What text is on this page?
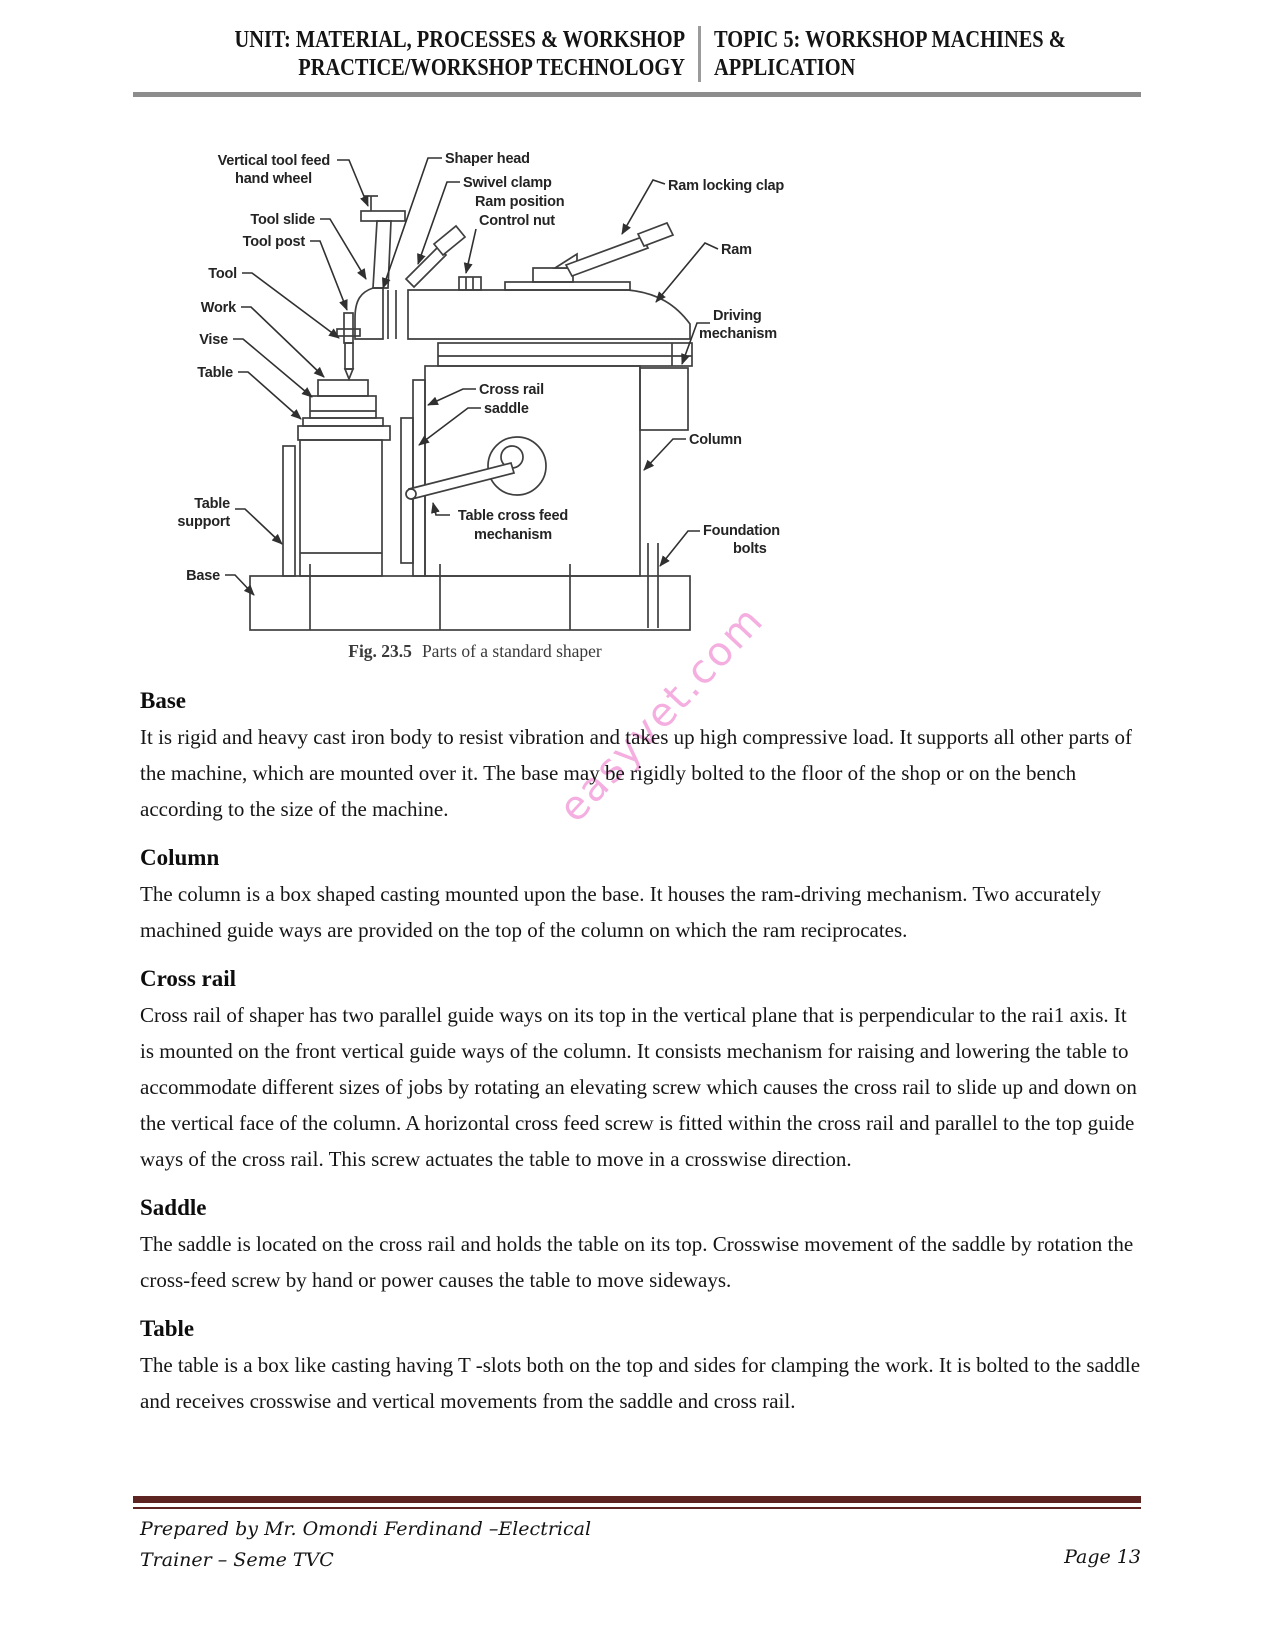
UNIT: MATERIAL, PROCESSES & WORKSHOP
PRACTICE/WORKSHOP TECHNOLOGY
TOPIC 5: WORKSHOP MACHINES &
APPLICATION
Vertical tool feed
hand wheel
Tool slide
Tool post
Tool
Work
Vise
Table
Table
support
Base
Shaper head
Swivel clamp
Ram position
Control nut
Ram locking clap
Ram
Driving
mechanism
Cross rail
saddle
Column
Table cross feed
mechanism	Foundation
bolts
Fig. 23.5 Parts of a standard shaper
easyvet.com
Base

It is rigid and heavy cast iron body to resist vibration and takes up high compressive load. It supports all other parts of the machine, which are mounted over it. The base may be rigidly bolted to the floor of the shop or on the bench according to the size of the machine.

Column

The column is a box shaped casting mounted upon the base. It houses the ram-driving mechanism. Two accurately machined guide ways are provided on the top of the column on which the ram reciprocates.

Cross rail

Cross rail of shaper has two parallel guide ways on its top in the vertical plane that is perpendicular to the rai1 axis. It is mounted on the front vertical guide ways of the column. It consists mechanism for raising and lowering the table to accommodate different sizes of jobs by rotating an elevating screw which causes the cross rail to slide up and down on the vertical face of the column. A horizontal cross feed screw is fitted within the cross rail and parallel to the top guide ways of the cross rail. This screw actuates the table to move in a crosswise direction.

Saddle

The saddle is located on the cross rail and holds the table on its top. Crosswise movement of the saddle by rotation the cross-feed screw by hand or power causes the table to move sideways.

Table

The table is a box like casting having T -slots both on the top and sides for clamping the work. It is bolted to the saddle and receives crosswise and vertical movements from the saddle and cross rail.

Prepared by Mr. Omondi Ferdinand –Electrical
Trainer – Seme TVC	Page 13
